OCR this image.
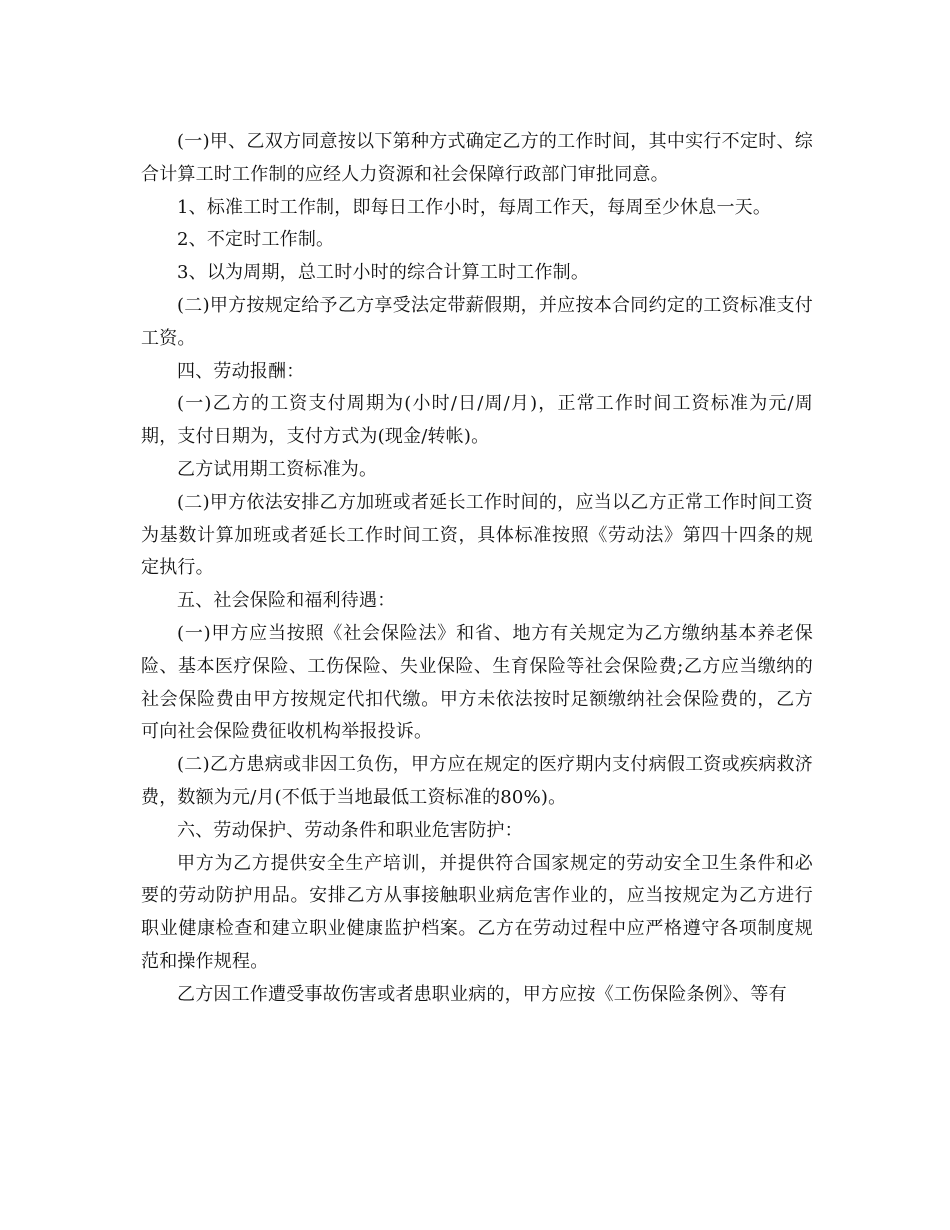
(一)甲、乙双方同意按以下第种方式确定乙方的工作时间，其中实行不定时、综合计算工时工作制的应经人力资源和社会保障行政部门审批同意。

1、标准工时工作制，即每日工作小时，每周工作天，每周至少休息一天。

2、不定时工作制。

3、以为周期，总工时小时的综合计算工时工作制。

(二)甲方按规定给予乙方享受法定带薪假期，并应按本合同约定的工资标准支付工资。

四、劳动报酬：

(一)乙方的工资支付周期为(小时/日/周/月)，正常工作时间工资标准为元/周期，支付日期为，支付方式为(现金/转帐)。

乙方试用期工资标准为。

(二)甲方依法安排乙方加班或者延长工作时间的，应当以乙方正常工作时间工资为基数计算加班或者延长工作时间工资，具体标准按照《劳动法》第四十四条的规定执行。

五、社会保险和福利待遇：

(一)甲方应当按照《社会保险法》和省、地方有关规定为乙方缴纳基本养老保险、基本医疗保险、工伤保险、失业保险、生育保险等社会保险费;乙方应当缴纳的社会保险费由甲方按规定代扣代缴。甲方未依法按时足额缴纳社会保险费的，乙方可向社会保险费征收机构举报投诉。

(二)乙方患病或非因工负伤，甲方应在规定的医疗期内支付病假工资或疾病救济费，数额为元/月(不低于当地最低工资标准的80%)。

六、劳动保护、劳动条件和职业危害防护：

甲方为乙方提供安全生产培训，并提供符合国家规定的劳动安全卫生条件和必要的劳动防护用品。安排乙方从事接触职业病危害作业的，应当按规定为乙方进行职业健康检查和建立职业健康监护档案。乙方在劳动过程中应严格遵守各项制度规范和操作规程。

乙方因工作遭受事故伤害或者患职业病的，甲方应按《工伤保险条例》、等有
